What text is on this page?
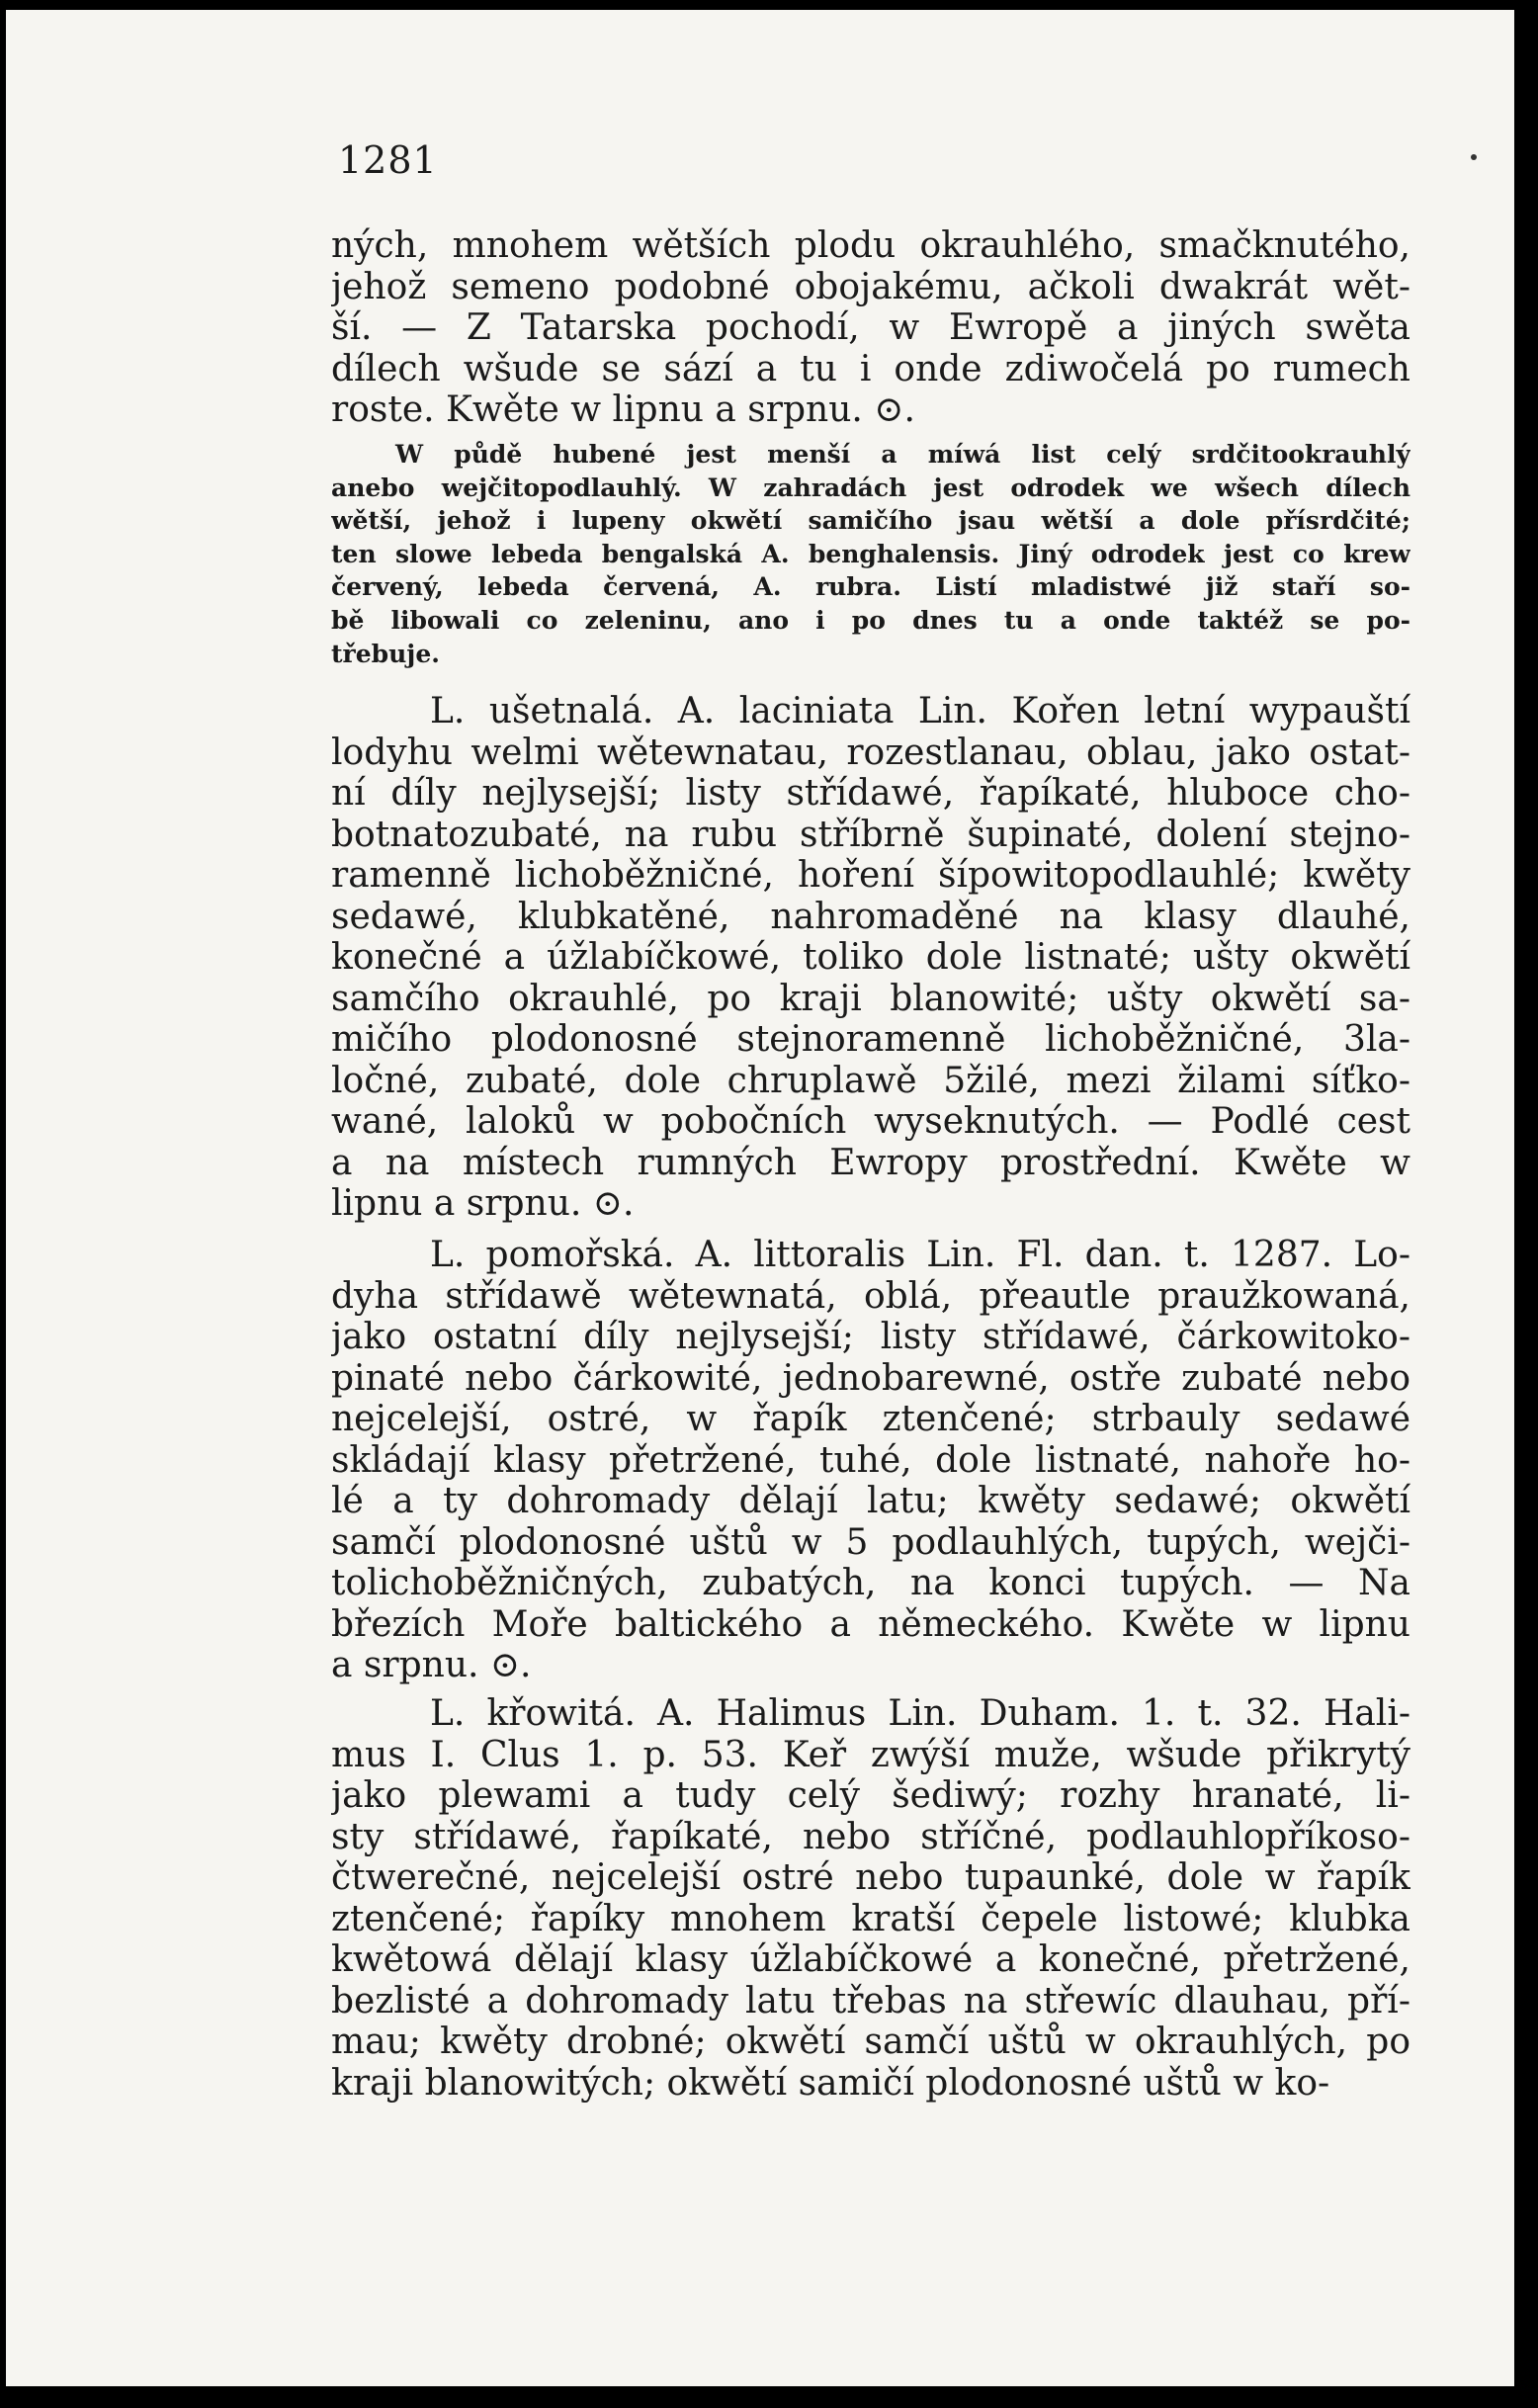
1281
ných, mnohem wětších plodu okrauhlého, smačknutého,
jehož semeno podobné obojakému, ačkoli dwakrát wět-
ší. — Z Tatarska pochodí, w Ewropě a jiných swěta
dílech wšude se sází a tu i onde zdiwočelá po rumech
roste. Kwěte w lipnu a srpnu. ⊙.
W půdě hubené jest menší a míwá list celý srdčitookrauhlý
anebo wejčitopodlauhlý. W zahradách jest odrodek we wšech dílech
wětší, jehož i lupeny okwětí samičího jsau wětší a dole přísrdčité;
ten slowe lebeda bengalská A. benghalensis. Jiný odrodek jest co krew
červený, lebeda červená, A. rubra. Listí mladistwé již staří so-
bě libowali co zeleninu, ano i po dnes tu a onde taktéž se po-
třebuje.
L. ušetnalá. A. laciniata Lin. Kořen letní wypauští
lodyhu welmi wětewnatau, rozestlanau, oblau, jako ostat-
ní díly nejlysejší; listy střídawé, řapíkaté, hluboce cho-
botnatozubaté, na rubu stříbrně šupinaté, dolení stejno-
ramenně lichoběžničné, hoření šípowitopodlauhlé; kwěty
sedawé, klubkatěné, nahromaděné na klasy dlauhé,
konečné a úžlabíčkowé, toliko dole listnaté; ušty okwětí
samčího okrauhlé, po kraji blanowité; ušty okwětí sa-
mičího plodonosné stejnoramenně lichoběžničné, 3la-
ločné, zubaté, dole chruplawě 5žilé, mezi žilami síťko-
wané, laloků w pobočních wyseknutých. — Podlé cest
a na místech rumných Ewropy prostřední. Kwěte w
lipnu a srpnu. ⊙.
L. pomořská. A. littoralis Lin. Fl. dan. t. 1287. Lo-
dyha střídawě wětewnatá, oblá, přeautle praužkowaná,
jako ostatní díly nejlysejší; listy střídawé, čárkowitoko-
pinaté nebo čárkowité, jednobarewné, ostře zubaté nebo
nejcelejší, ostré, w řapík ztenčené; strbauly sedawé
skládají klasy přetržené, tuhé, dole listnaté, nahoře ho-
lé a ty dohromady dělají latu; kwěty sedawé; okwětí
samčí plodonosné uštů w 5 podlauhlých, tupých, wejči-
tolichoběžničných, zubatých, na konci tupých. — Na
březích Moře baltického a německého. Kwěte w lipnu
a srpnu. ⊙.
L. křowitá. A. Halimus Lin. Duham. 1. t. 32. Hali-
mus I. Clus 1. p. 53. Keř zwýší muže, wšude přikrytý
jako plewami a tudy celý šediwý; rozhy hranaté, li-
sty střídawé, řapíkaté, nebo stříčné, podlauhlopříkoso-
čtwerečné, nejcelejší ostré nebo tupaunké, dole w řapík
ztenčené; řapíky mnohem kratší čepele listowé; klubka
kwětowá dělají klasy úžlabíčkowé a konečné, přetržené,
bezlisté a dohromady latu třebas na střewíc dlauhau, pří-
mau; kwěty drobné; okwětí samčí uštů w okrauhlých, po
kraji blanowitých; okwětí samičí plodonosné uštů w ko-
